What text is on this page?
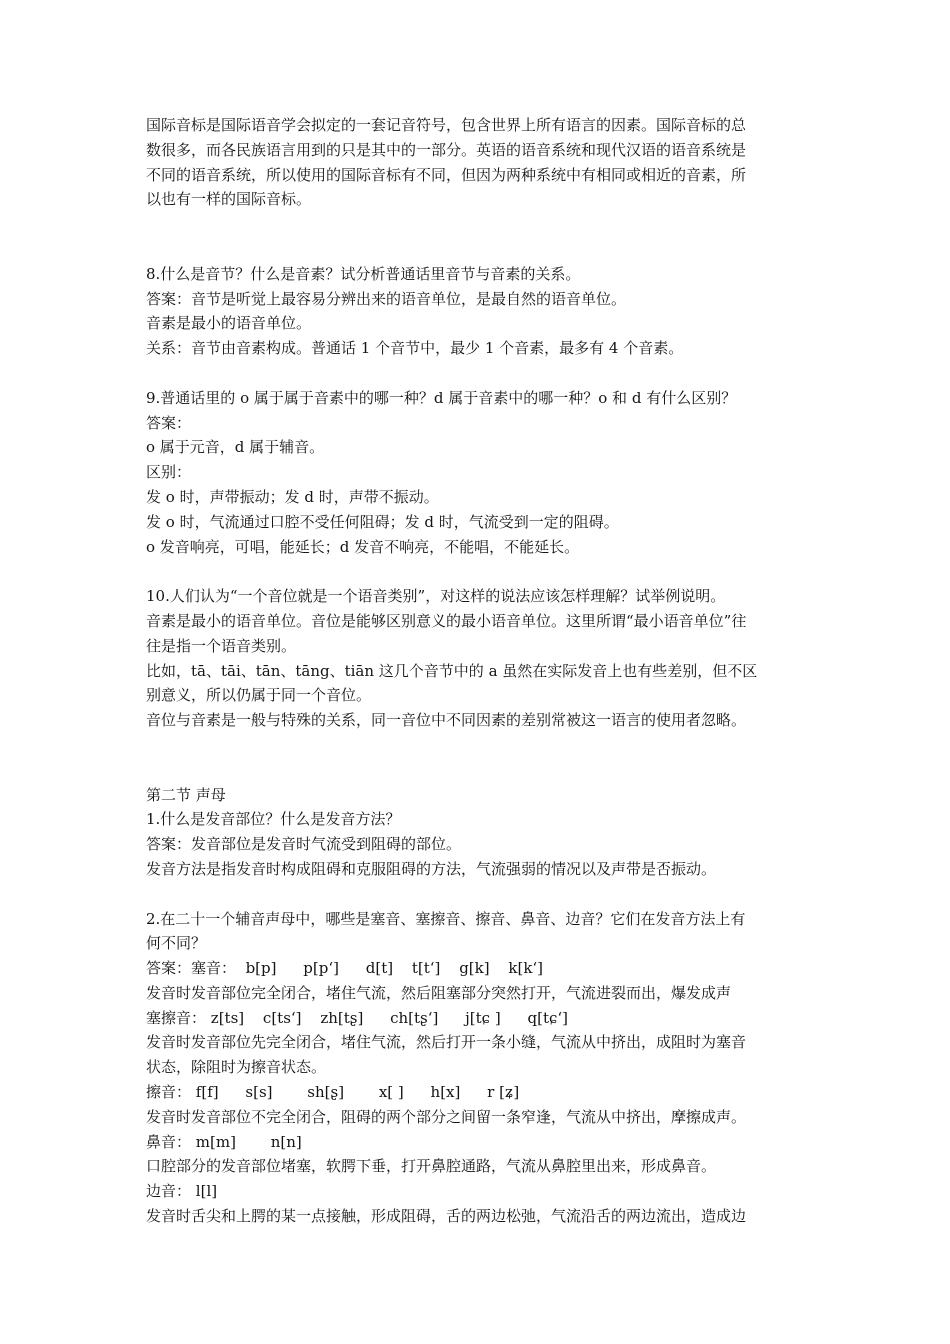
国际音标是国际语音学会拟定的一套记音符号，包含世界上所有语言的因素。国际音标的总

数很多，而各民族语言用到的只是其中的一部分。英语的语音系统和现代汉语的语音系统是

不同的语音系统，所以使用的国际音标有不同，但因为两种系统中有相同或相近的音素，所

以也有一样的国际音标。

8.什么是音节？什么是音素？试分析普通话里音节与音素的关系。

答案：音节是听觉上最容易分辨出来的语音单位，是最自然的语音单位。

音素是最小的语音单位。

关系：音节由音素构成。普通话 1 个音节中，最少 1 个音素，最多有 4 个音素。

9.普通话里的 o 属于属于音素中的哪一种？d 属于音素中的哪一种？o 和 d 有什么区别？

答案：

o 属于元音，d 属于辅音。

区别：

发 o 时，声带振动；发 d 时，声带不振动。

发 o 时，气流通过口腔不受任何阻碍；发 d 时，气流受到一定的阻碍。

o 发音响亮，可唱，能延长；d 发音不响亮，不能唱，不能延长。

10.人们认为“一个音位就是一个语音类别”，对这样的说法应该怎样理解？试举例说明。

音素是最小的语音单位。音位是能够区别意义的最小语音单位。这里所谓“最小语音单位”往

往是指一个语音类别。

比如，tā、tāi、tān、tāng、tiān 这几个音节中的 a 虽然在实际发音上也有些差别，但不区

别意义，所以仍属于同一个音位。

音位与音素是一般与特殊的关系，同一音位中不同因素的差别常被这一语言的使用者忽略。

第二节 声母

1.什么是发音部位？什么是发音方法？

答案：发音部位是发音时气流受到阻碍的部位。

发音方法是指发音时构成阻碍和克服阻碍的方法，气流强弱的情况以及声带是否振动。

2.在二十一个辅音声母中，哪些是塞音、塞擦音、擦音、鼻音、边音？它们在发音方法上有

何不同？

答案：塞音： b[p] p[p‘] d[t] t[t‘] g[k] k[k‘]

发音时发音部位完全闭合，堵住气流，然后阻塞部分突然打开，气流进裂而出，爆发成声

塞擦音： z[ts] c[ts‘] zh[tʂ] ch[tʂ‘] j[tɕ ] q[tɕ‘]

发音时发音部位先完全闭合，堵住气流，然后打开一条小缝，气流从中挤出，成阻时为塞音

状态，除阻时为擦音状态。

擦音： f[f] s[s] sh[ʂ] x[ ] h[x] r [ʑ]

发音时发音部位不完全闭合，阻碍的两个部分之间留一条窄逢，气流从中挤出，摩擦成声。

鼻音： m[m] n[n]

口腔部分的发音部位堵塞，软腭下垂，打开鼻腔通路，气流从鼻腔里出来，形成鼻音。

边音： l[l]

发音时舌尖和上腭的某一点接触，形成阻碍，舌的两边松弛，气流沿舌的两边流出，造成边
